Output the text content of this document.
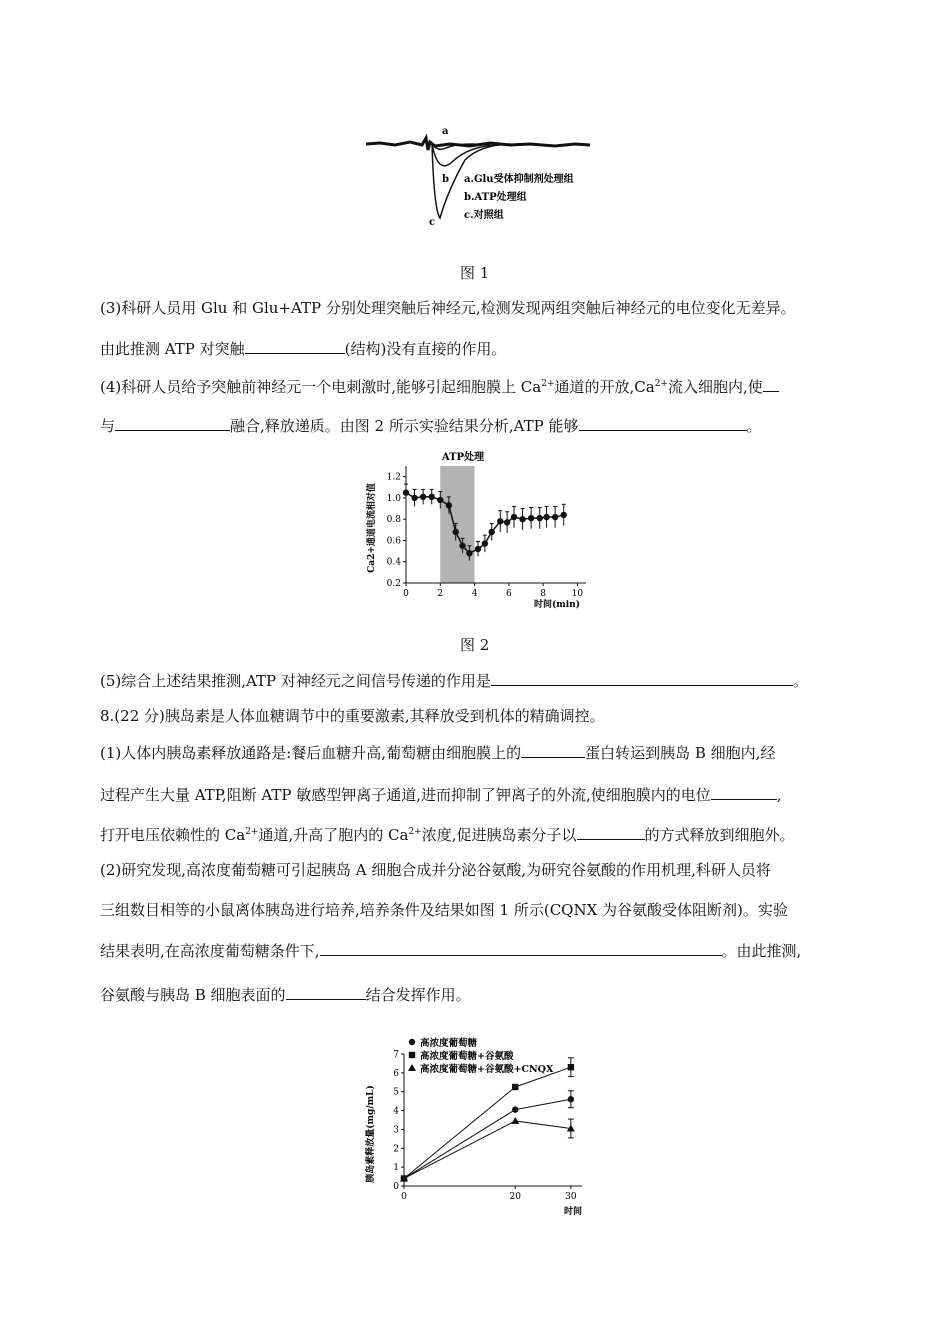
a
b
c
a.Glu受体抑制剂处理组
b.ATP处理组
c.对照组
图 1
(3)科研人员用 Glu 和 Glu+ATP 分别处理突触后神经元,检测发现两组突触后神经元的电位变化无差异。
由此推测 ATP 对突触	(结构)没有直接的作用。
(4)科研人员给予突触前神经元一个电刺激时,能够引起细胞膜上 $Ca^{2+}$通道的开放$,Ca^{2+}$流入细胞内,使
与	融合,释放递质。由图 2 所示实验结果分析,ATP 能够	。
0.2
0.4
0.6
0.8
1.0
1.2
0	2	4	6	8	10
ATP处理
Ca2+通道电流相对值
时间(min)
图 2
(5)综合上述结果推测,ATP 对神经元之间信号传递的作用是	。
8.(22 分)胰岛素是人体血糖调节中的重要激素,其释放受到机体的精确调控。
(1)人体内胰岛素释放通路是:餐后血糖升高,葡萄糖由细胞膜上的	蛋白转运到胰岛 B 细胞内,经
过程产生大量 ATP,阻断 ATP 敏感型钾离子通道,进而抑制了钾离子的外流,使细胞膜内的电位	,
打开电压依赖性的 $Ca^{2+}$通道,升高了胞内的 $Ca^{2+}$浓度,促进胰岛素分子以	的方式释放到细胞外。
(2)研究发现,高浓度葡萄糖可引起胰岛 A 细胞合成并分泌谷氨酸,为研究谷氨酸的作用机理,科研人员将
三组数目相等的小鼠离体胰岛进行培养,培养条件及结果如图 1 所示(CQNX 为谷氨酸受体阻断剂)。实验
结果表明,在高浓度葡萄糖条件下,	。由此推测,
谷氨酸与胰岛 B 细胞表面的	结合发挥作用。
高浓度葡萄糖
高浓度葡萄糖+谷氨酸
高浓度葡萄糖+谷氨酸+CNQX
0
1
2
3
4
5
6
7
0	20	30
胰岛素释放量(mg/mL)
时间
